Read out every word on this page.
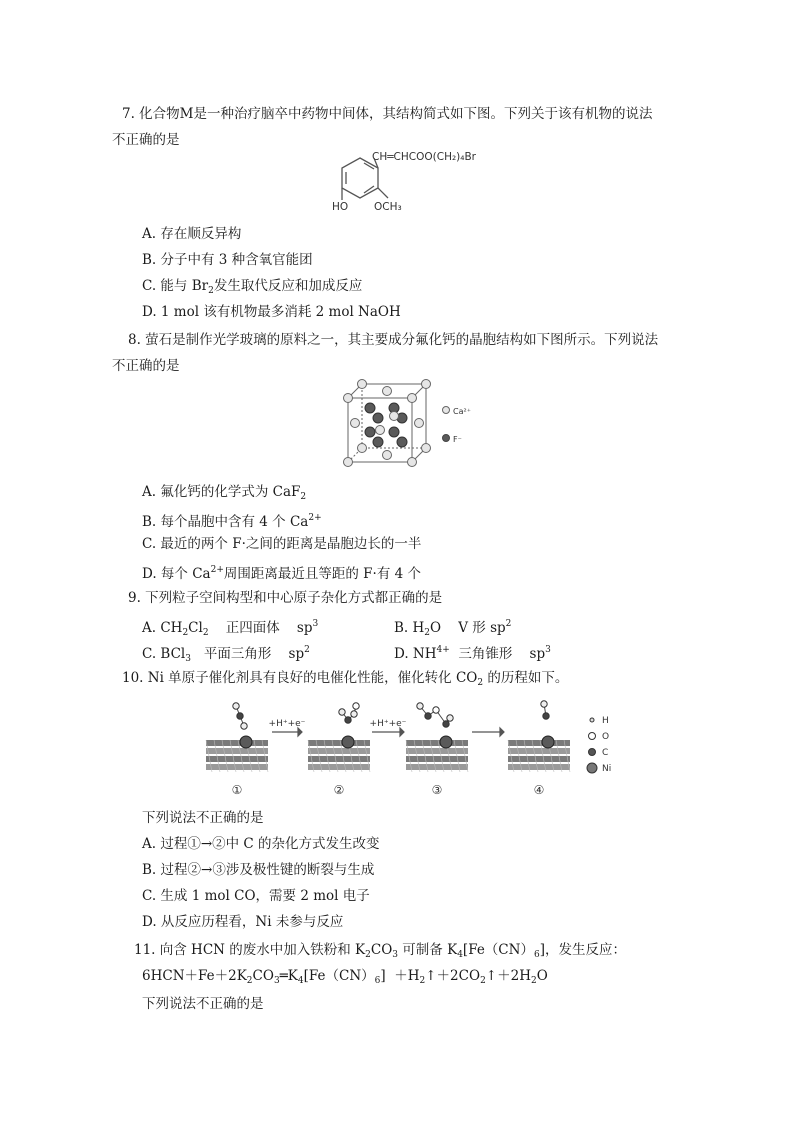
7. 化合物M是一种治疗脑卒中药物中间体，其结构简式如下图。下列关于该有机物的说法
不正确的是
CH═CHCOO(CH₂)₄Br
HO OCH₃
A. 存在顺反异构
B. 分子中有 3 种含氧官能团
C. 能与 $Br_2$发生取代反应和加成反应
D. 1 mol 该有机物最多消耗 2 mol NaOH
8. 萤石是制作光学玻璃的原料之一，其主要成分氟化钙的晶胞结构如下图所示。下列说法
不正确的是
Ca²⁺
F⁻
A. 氟化钙的化学式为 CaF$_2$
B. 每个晶胞中含有 4 个 $Ca^{2+}$
C. 最近的两个 F·之间的距离是晶胞边长的一半
D. 每个 $Ca^{2+}$周围距离最近且等距的 F·有 4 个
9. 下列粒子空间构型和中心原子杂化方式都正确的是
A. $CH_2Cl_2$    正四面体    $sp^3$	B. $H_2O$    V 形 $sp^2$
C. BCl$_3$   平面三角形    $sp^2$	D. $NH^{4+}$  三角锥形    $sp^3$
10. Ni 单原子催化剂具有良好的电催化性能，催化转化 $CO_2$ 的历程如下。
+H⁺+e⁻	+H⁺+e⁻
①	②	③	④
H
O
C
Ni
下列说法不正确的是
A. 过程①→②中 C 的杂化方式发生改变
B. 过程②→③涉及极性键的断裂与生成
C. 生成 1 mol CO，需要 2 mol 电子
D. 从反应历程看，Ni 未参与反应
11. 向含 HCN 的废水中加入铁粉和 $K_2CO_3$ 可制备 $K_4[Fe(CN)_6]$，发生反应：
$6HCN+Fe+2K_2CO_3═K_4[Fe(CN)_6]$  $+H_2↑+2CO_2↑+2H_2O$
下列说法不正确的是
